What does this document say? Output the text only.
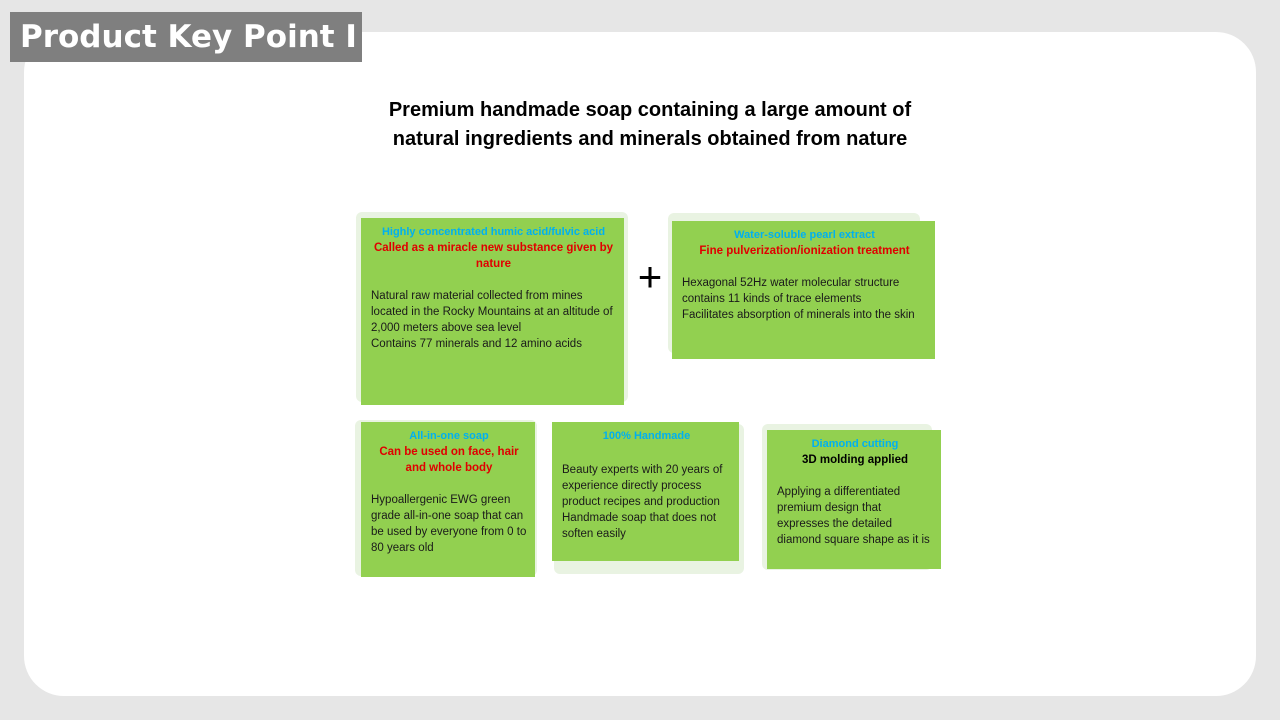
Product Key Point Ⅰ
Premium handmade soap containing a large amount of
natural ingredients and minerals obtained from nature
Highly concentrated humic acid/fulvic acid
Called as a miracle new substance given by nature
Natural raw material collected from mines located in the Rocky Mountains at an altitude of 2,000 meters above sea level
Contains 77 minerals and 12 amino acids
+
Water-soluble pearl extract
Fine pulverization/ionization treatment
Hexagonal 52Hz water molecular structure contains 11 kinds of trace elements
Facilitates absorption of minerals into the skin
All-in-one soap
Can be used on face, hair and whole body
Hypoallergenic EWG green grade all-in-one soap that can be used by everyone from 0 to 80 years old
100% Handmade
Beauty experts with 20 years of experience directly process product recipes and production
Handmade soap that does not soften easily
Diamond cutting
3D molding applied
Applying a differentiated premium design that expresses the detailed diamond square shape as it is
